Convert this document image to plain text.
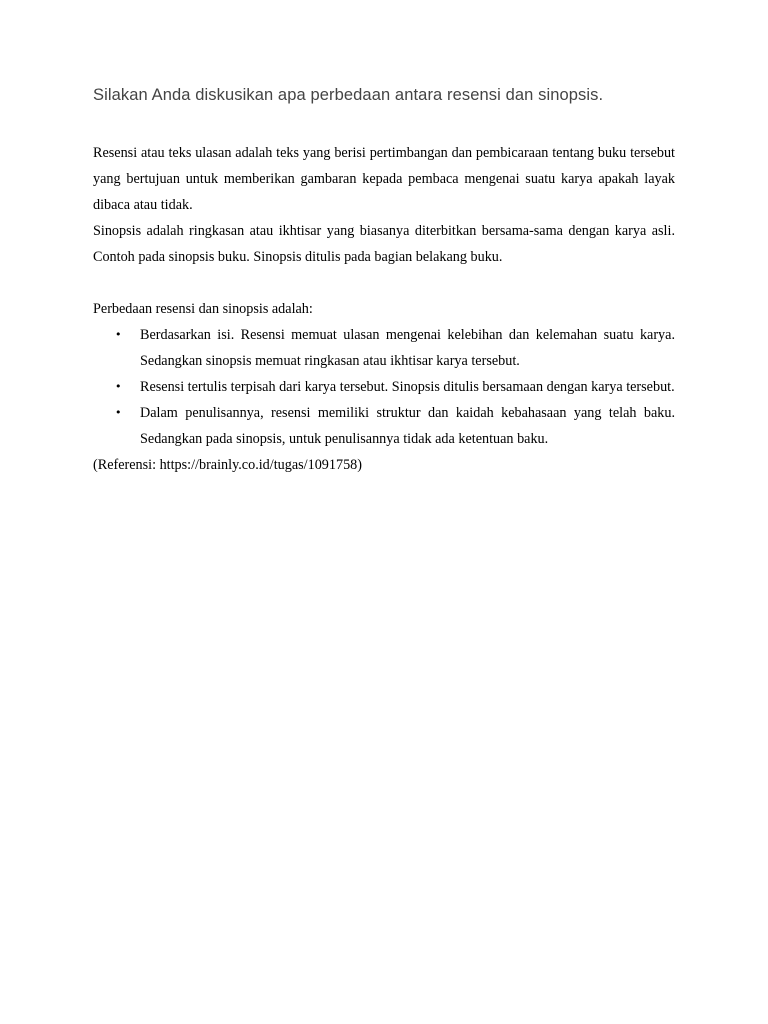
Silakan Anda diskusikan apa perbedaan antara resensi dan sinopsis.

Resensi atau teks ulasan adalah teks yang berisi pertimbangan dan pembicaraan tentang buku tersebut yang bertujuan untuk memberikan gambaran kepada pembaca mengenai suatu karya apakah layak dibaca atau tidak.

Sinopsis adalah ringkasan atau ikhtisar yang biasanya diterbitkan bersama-sama dengan karya asli. Contoh pada sinopsis buku. Sinopsis ditulis pada bagian belakang buku.

Perbedaan resensi dan sinopsis adalah:

• Berdasarkan isi. Resensi memuat ulasan mengenai kelebihan dan kelemahan suatu karya. Sedangkan sinopsis memuat ringkasan atau ikhtisar karya tersebut.
• Resensi tertulis terpisah dari karya tersebut. Sinopsis ditulis bersamaan dengan karya tersebut.
• Dalam penulisannya, resensi memiliki struktur dan kaidah kebahasaan yang telah baku. Sedangkan pada sinopsis, untuk penulisannya tidak ada ketentuan baku.

(Referensi: https://brainly.co.id/tugas/1091758)
